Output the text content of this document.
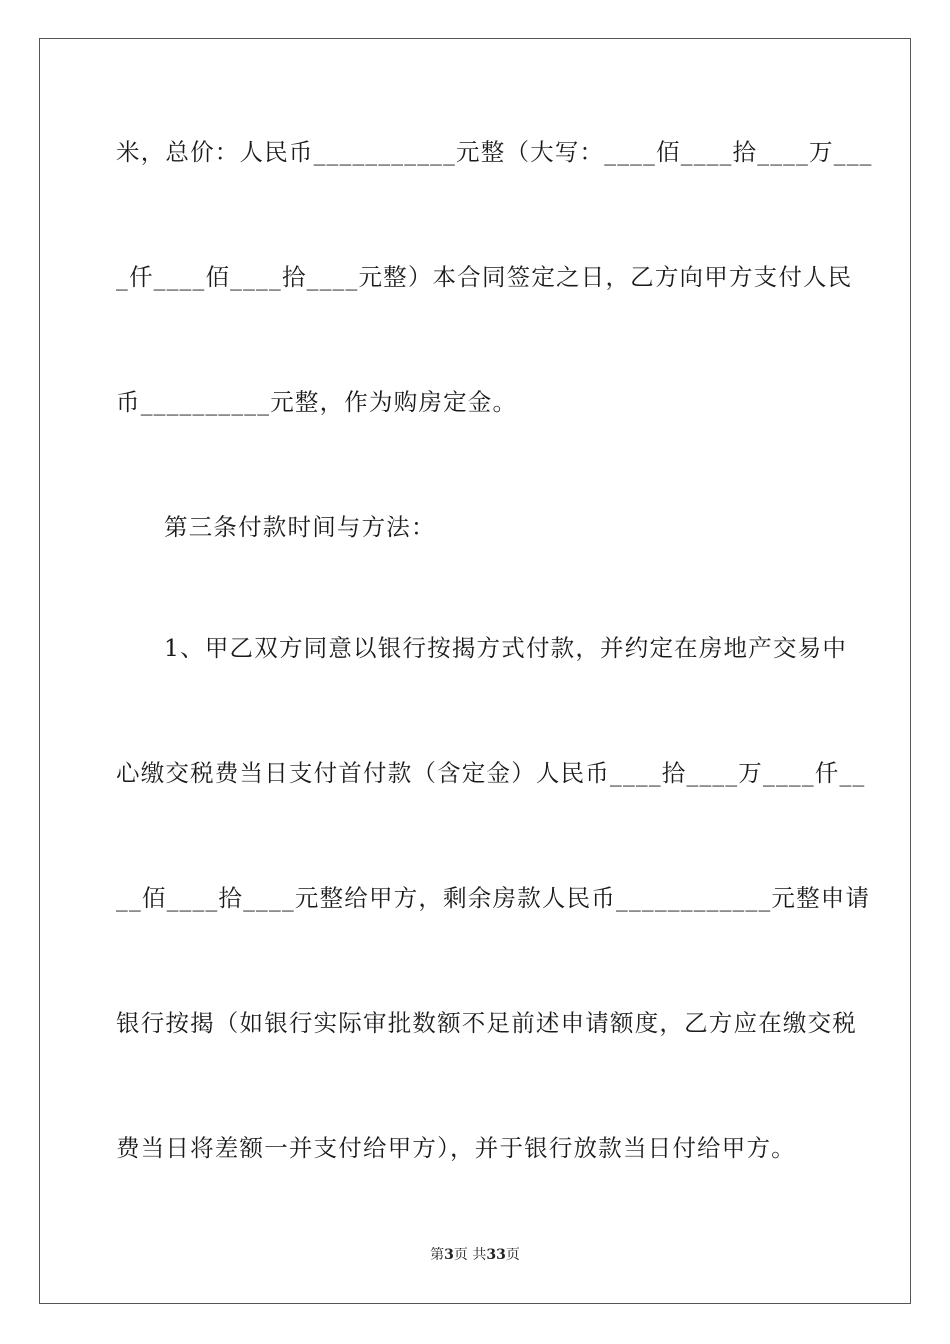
米，总价：人民币___________元整（大写：____佰____拾____万___
_仟____佰____拾____元整）本合同签定之日，乙方向甲方支付人民
币__________元整，作为购房定金。
第三条付款时间与方法：
1、甲乙双方同意以银行按揭方式付款，并约定在房地产交易中
心缴交税费当日支付首付款（含定金）人民币____拾____万____仟__
__佰____拾____元整给甲方，剩余房款人民币____________元整申请
银行按揭（如银行实际审批数额不足前述申请额度，乙方应在缴交税
费当日将差额一并支付给甲方），并于银行放款当日付给甲方。
第3页 共33页
